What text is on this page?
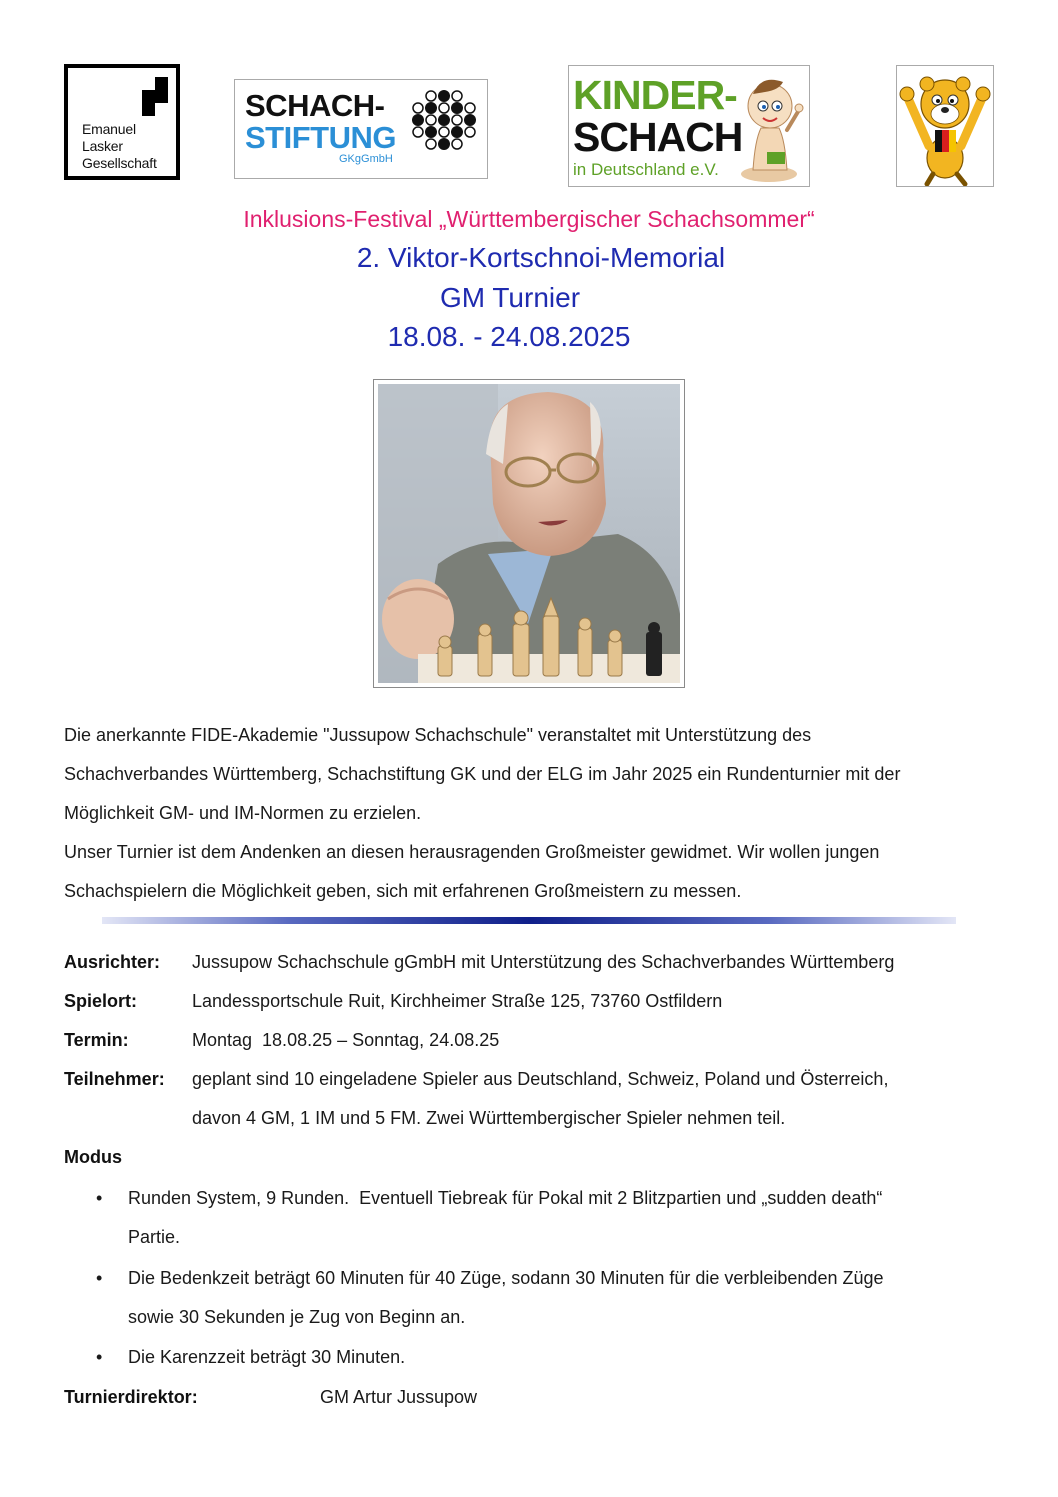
Emanuel
Lasker
Gesellschaft
SCHACH-
STIFTUNG
GKgGmbH
KINDER-
SCHACH
in Deutschland e.V.
Inklusions-Festival „Württembergischer Schachsommer“
2. Viktor-Kortschnoi-Memorial
GM Turnier
18.08. - 24.08.2025
Die anerkannte FIDE-Akademie "Jussupow Schachschule" veranstaltet mit Unterstützung des
Schachverbandes Württemberg, Schachstiftung GK und der ELG im Jahr 2025 ein Rundenturnier mit der
Möglichkeit GM- und IM-Normen zu erzielen.
Unser Turnier ist dem Andenken an diesen herausragenden Großmeister gewidmet. Wir wollen jungen
Schachspielern die Möglichkeit geben, sich mit erfahrenen Großmeistern zu messen.
Ausrichter: Jussupow Schachschule gGmbH mit Unterstützung des Schachverbandes Württemberg
Spielort:	Landessportschule Ruit, Kirchheimer Straße 125, 73760 Ostfildern
Termin:	Montag  18.08.25 – Sonntag, 24.08.25
Teilnehmer: geplant sind 10 eingeladene Spieler aus Deutschland, Schweiz, Poland und Österreich,
davon 4 GM, 1 IM und 5 FM. Zwei Württembergischer Spieler nehmen teil.
Modus
• Runden System, 9 Runden.  Eventuell Tiebreak für Pokal mit 2 Blitzpartien und „sudden death“
Partie.
• Die Bedenkzeit beträgt 60 Minuten für 40 Züge, sodann 30 Minuten für die verbleibenden Züge
sowie 30 Sekunden je Zug von Beginn an.
• Die Karenzzeit beträgt 30 Minuten.
Turnierdirektor:	GM Artur Jussupow
